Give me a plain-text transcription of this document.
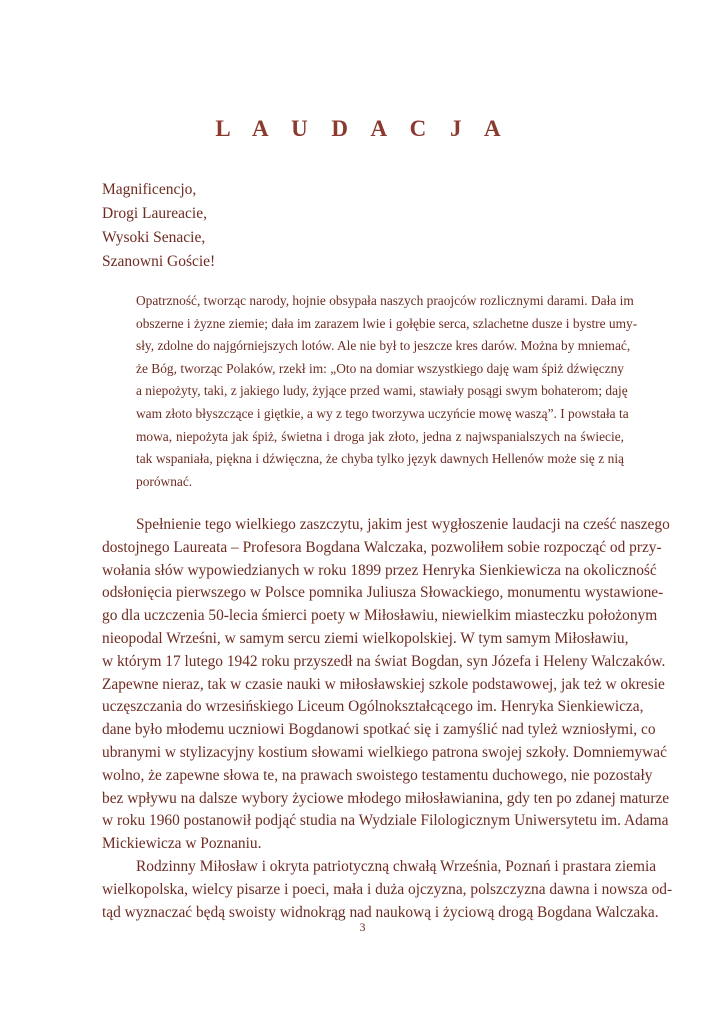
L A U D A C J A
Magnificencjo,
Drogi Laureacie,
Wysoki Senacie,
Szanowni Goście!
Opatrzność, tworząc narody, hojnie obsypała naszych praojców rozlicznymi darami. Dała im
obszerne i żyzne ziemie; dała im zarazem lwie i gołębie serca, szlachetne dusze i bystre umy-
sły, zdolne do najgórniejszych lotów. Ale nie był to jeszcze kres darów. Można by mniemać,
że Bóg, tworząc Polaków, rzekł im: „Oto na domiar wszystkiego daję wam śpiż dźwięczny
a niepożyty, taki, z jakiego ludy, żyjące przed wami, stawiały posągi swym bohaterom; daję
wam złoto błyszczące i giętkie, a wy z tego tworzywa uczyńcie mowę waszą”. I powstała ta
mowa, niepożyta jak śpiż, świetna i droga jak złoto, jedna z najwspanialszych na świecie,
tak wspaniała, piękna i dźwięczna, że chyba tylko język dawnych Hellenów może się z nią
porównać.
Spełnienie tego wielkiego zaszczytu, jakim jest wygłoszenie laudacji na cześć naszego
dostojnego Laureata – Profesora Bogdana Walczaka, pozwoliłem sobie rozpocząć od przy-
wołania słów wypowiedzianych w roku 1899 przez Henryka Sienkiewicza na okoliczność
odsłonięcia pierwszego w Polsce pomnika Juliusza Słowackiego, monumentu wystawione-
go dla uczczenia 50-lecia śmierci poety w Miłosławiu, niewielkim miasteczku położonym
nieopodal Wrześni, w samym sercu ziemi wielkopolskiej. W tym samym Miłosławiu,
w którym 17 lutego 1942 roku przyszedł na świat Bogdan, syn Józefa i Heleny Walczaków.
Zapewne nieraz, tak w czasie nauki w miłosławskiej szkole podstawowej, jak też w okresie
uczęszczania do wrzesińskiego Liceum Ogólnokształcącego im. Henryka Sienkiewicza,
dane było młodemu uczniowi Bogdanowi spotkać się i zamyślić nad tyleż wzniosłymi, co
ubranymi w stylizacyjny kostium słowami wielkiego patrona swojej szkoły. Domniemywać
wolno, że zapewne słowa te, na prawach swoistego testamentu duchowego, nie pozostały
bez wpływu na dalsze wybory życiowe młodego miłosławianina, gdy ten po zdanej maturze
w roku 1960 postanowił podjąć studia na Wydziale Filologicznym Uniwersytetu im. Adama
Mickiewicza w Poznaniu.
Rodzinny Miłosław i okryta patriotyczną chwałą Września, Poznań i prastara ziemia
wielkopolska, wielcy pisarze i poeci, mała i duża ojczyzna, polszczyzna dawna i nowsza od-
tąd wyznaczać będą swoisty widnokrąg nad naukową i życiową drogą Bogdana Walczaka.
3
